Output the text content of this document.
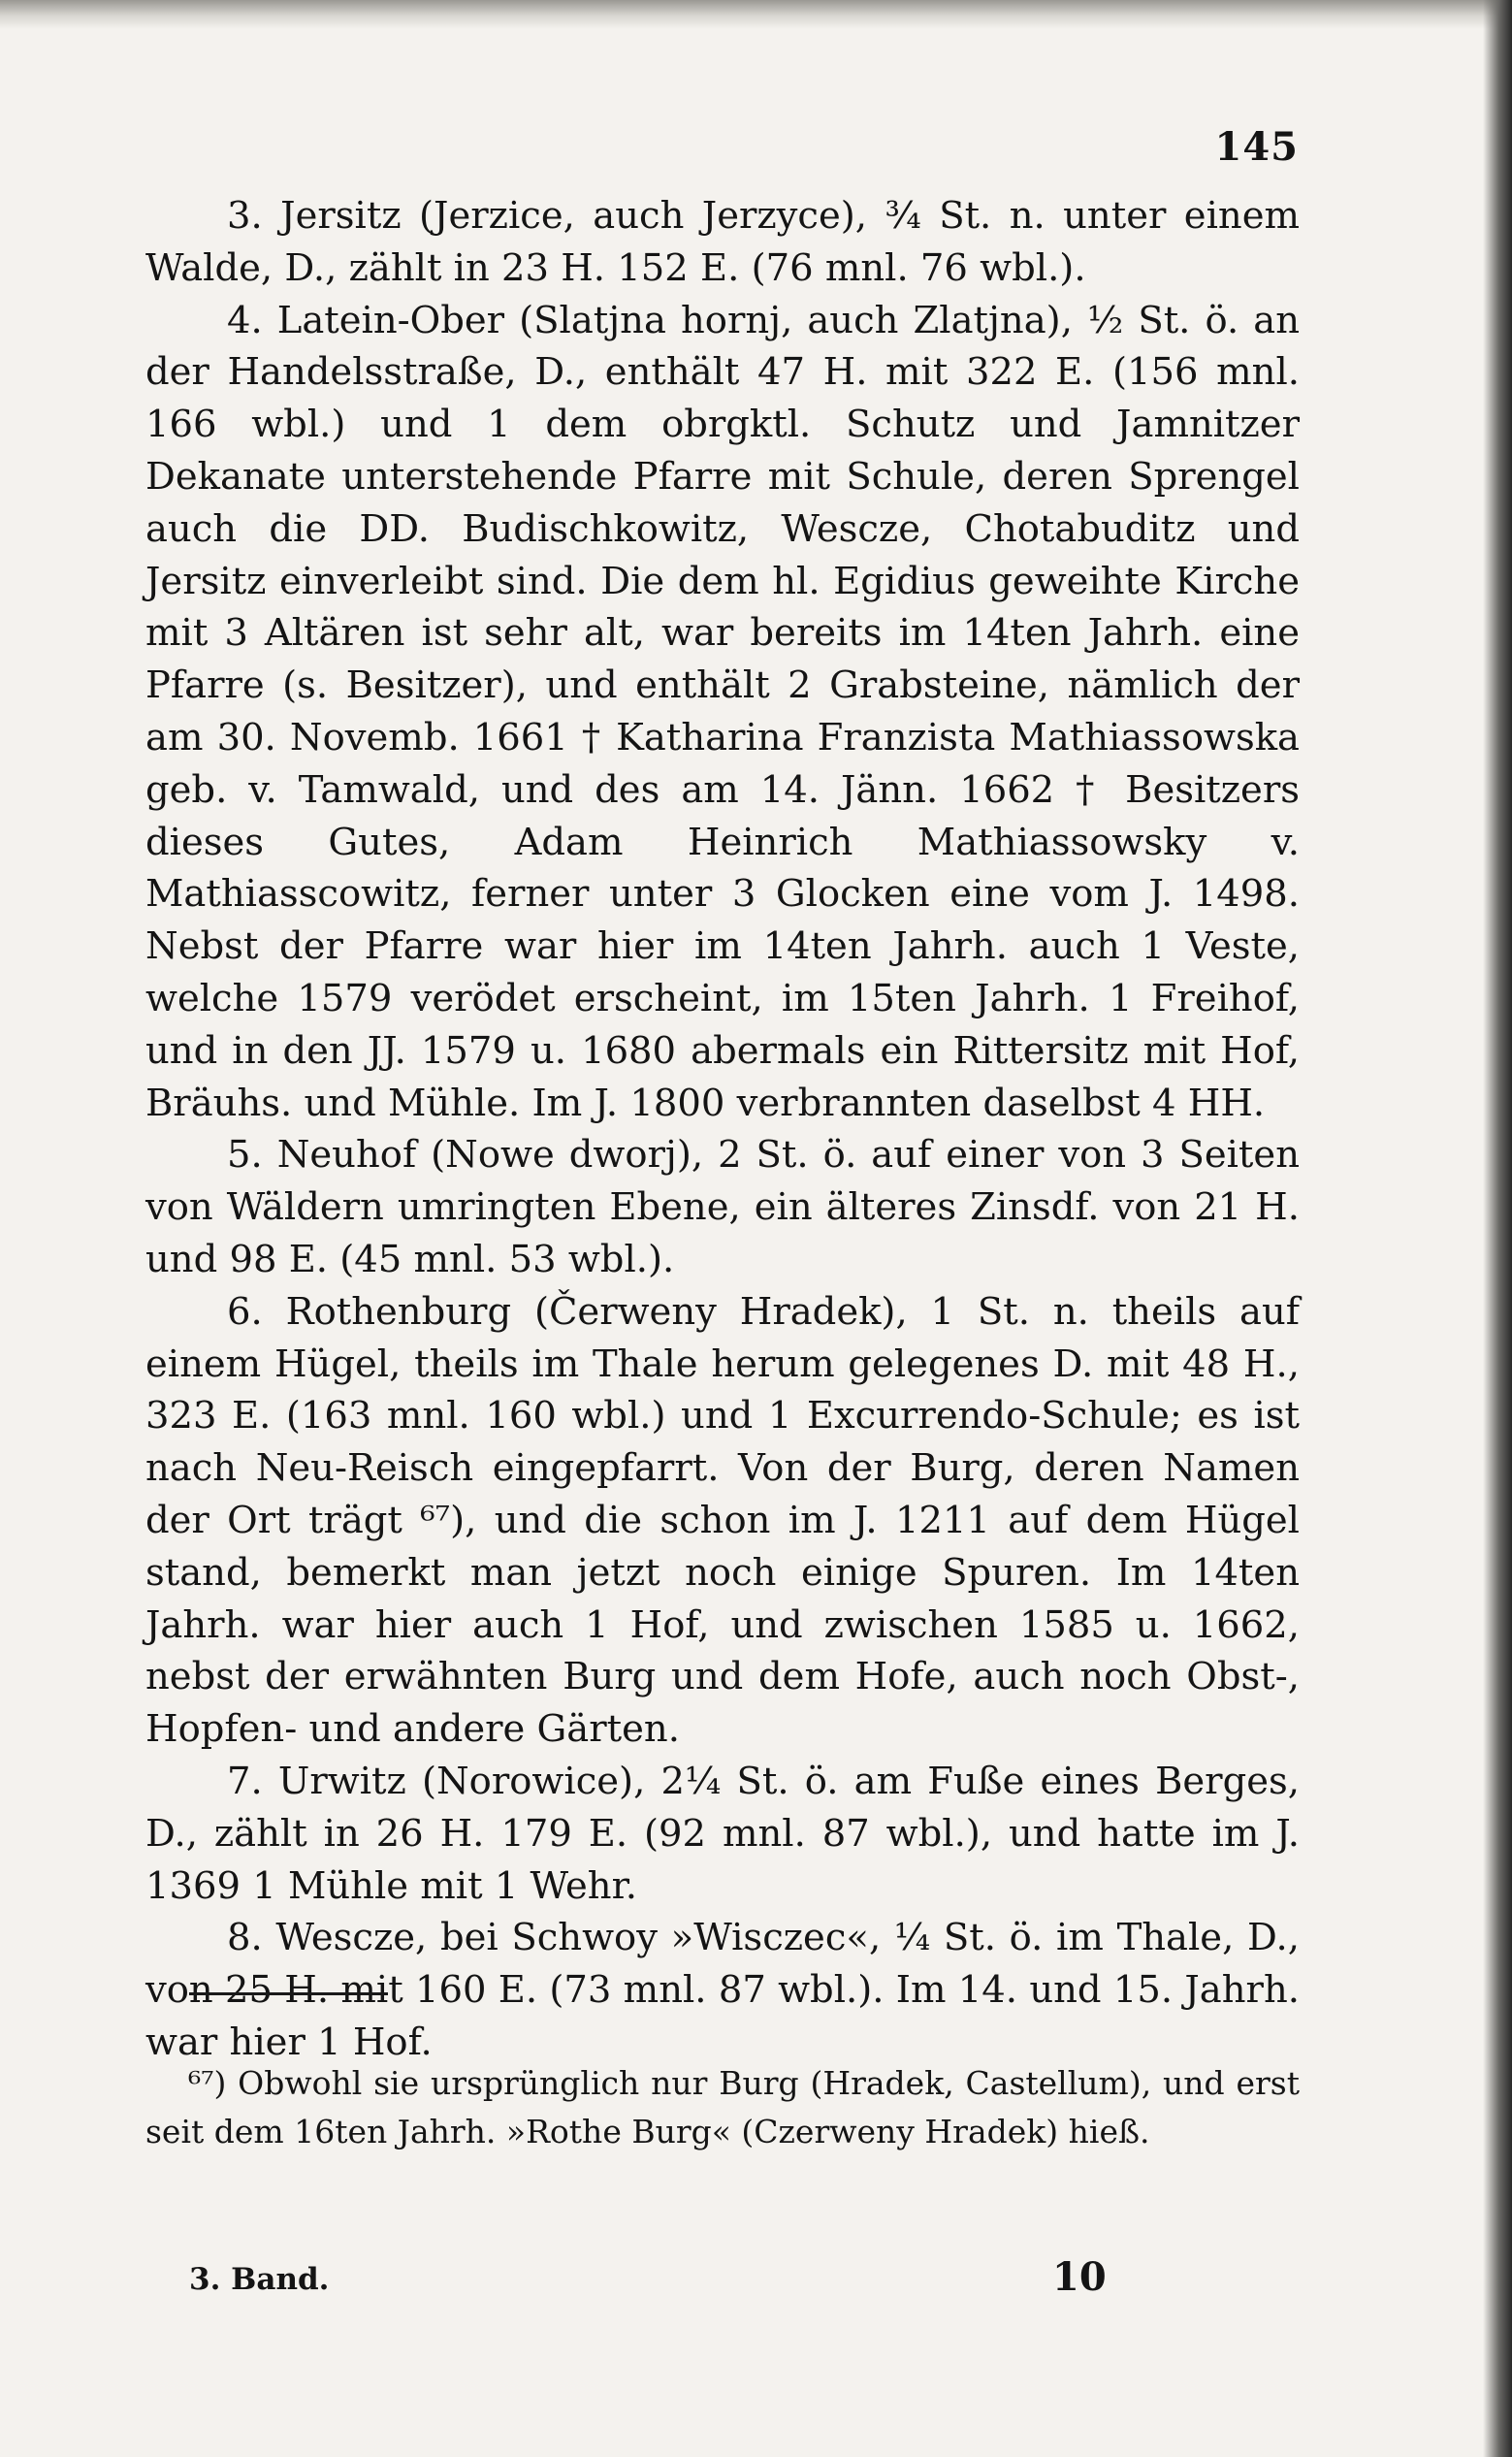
145

3. Jersitz (Jerzice, auch Jerzyce), ¾ St. n. unter einem Walde, D., zählt in 23 H. 152 E. (76 mnl. 76 wbl.).

4. Latein-Ober (Slatjna hornj, auch Zlatjna), ½ St. ö. an der Handelsstraße, D., enthält 47 H. mit 322 E. (156 mnl. 166 wbl.) und 1 dem obrgktl. Schutz und Jamnitzer Dekanate unterstehende Pfarre mit Schule, deren Sprengel auch die DD. Budischkowitz, Wescze, Chotabuditz und Jersitz einverleibt sind. Die dem hl. Egidius geweihte Kirche mit 3 Altären ist sehr alt, war bereits im 14ten Jahrh. eine Pfarre (s. Besitzer), und enthält 2 Grabsteine, nämlich der am 30. Novemb. 1661 † Katharina Franzista Mathiassowska geb. v. Tamwald, und des am 14. Jänn. 1662 † Besitzers dieses Gutes, Adam Heinrich Mathiassowsky v. Mathiasscowitz, ferner unter 3 Glocken eine vom J. 1498. Nebst der Pfarre war hier im 14ten Jahrh. auch 1 Veste, welche 1579 verödet erscheint, im 15ten Jahrh. 1 Freihof, und in den JJ. 1579 u. 1680 abermals ein Rittersitz mit Hof, Bräuhs. und Mühle. Im J. 1800 verbrannten daselbst 4 HH.

5. Neuhof (Nowe dworj), 2 St. ö. auf einer von 3 Seiten von Wäldern umringten Ebene, ein älteres Zinsdf. von 21 H. und 98 E. (45 mnl. 53 wbl.).

6. Rothenburg (Čerweny Hradek), 1 St. n. theils auf einem Hügel, theils im Thale herum gelegenes D. mit 48 H., 323 E. (163 mnl. 160 wbl.) und 1 Excurrendo-Schule; es ist nach Neu-Reisch eingepfarrt. Von der Burg, deren Namen der Ort trägt ⁶⁷), und die schon im J. 1211 auf dem Hügel stand, bemerkt man jetzt noch einige Spuren. Im 14ten Jahrh. war hier auch 1 Hof, und zwischen 1585 u. 1662, nebst der erwähnten Burg und dem Hofe, auch noch Obst-, Hopfen- und andere Gärten.

7. Urwitz (Norowice), 2¼ St. ö. am Fuße eines Berges, D., zählt in 26 H. 179 E. (92 mnl. 87 wbl.), und hatte im J. 1369 1 Mühle mit 1 Wehr.

8. Wescze, bei Schwoy »Wisczec«, ¼ St. ö. im Thale, D., von 25 H. mit 160 E. (73 mnl. 87 wbl.). Im 14. und 15. Jahrh. war hier 1 Hof.

⁶⁷) Obwohl sie ursprünglich nur Burg (Hradek, Castellum), und erst seit dem 16ten Jahrh. »Rothe Burg« (Czerweny Hradek) hieß.

3. Band.	10
